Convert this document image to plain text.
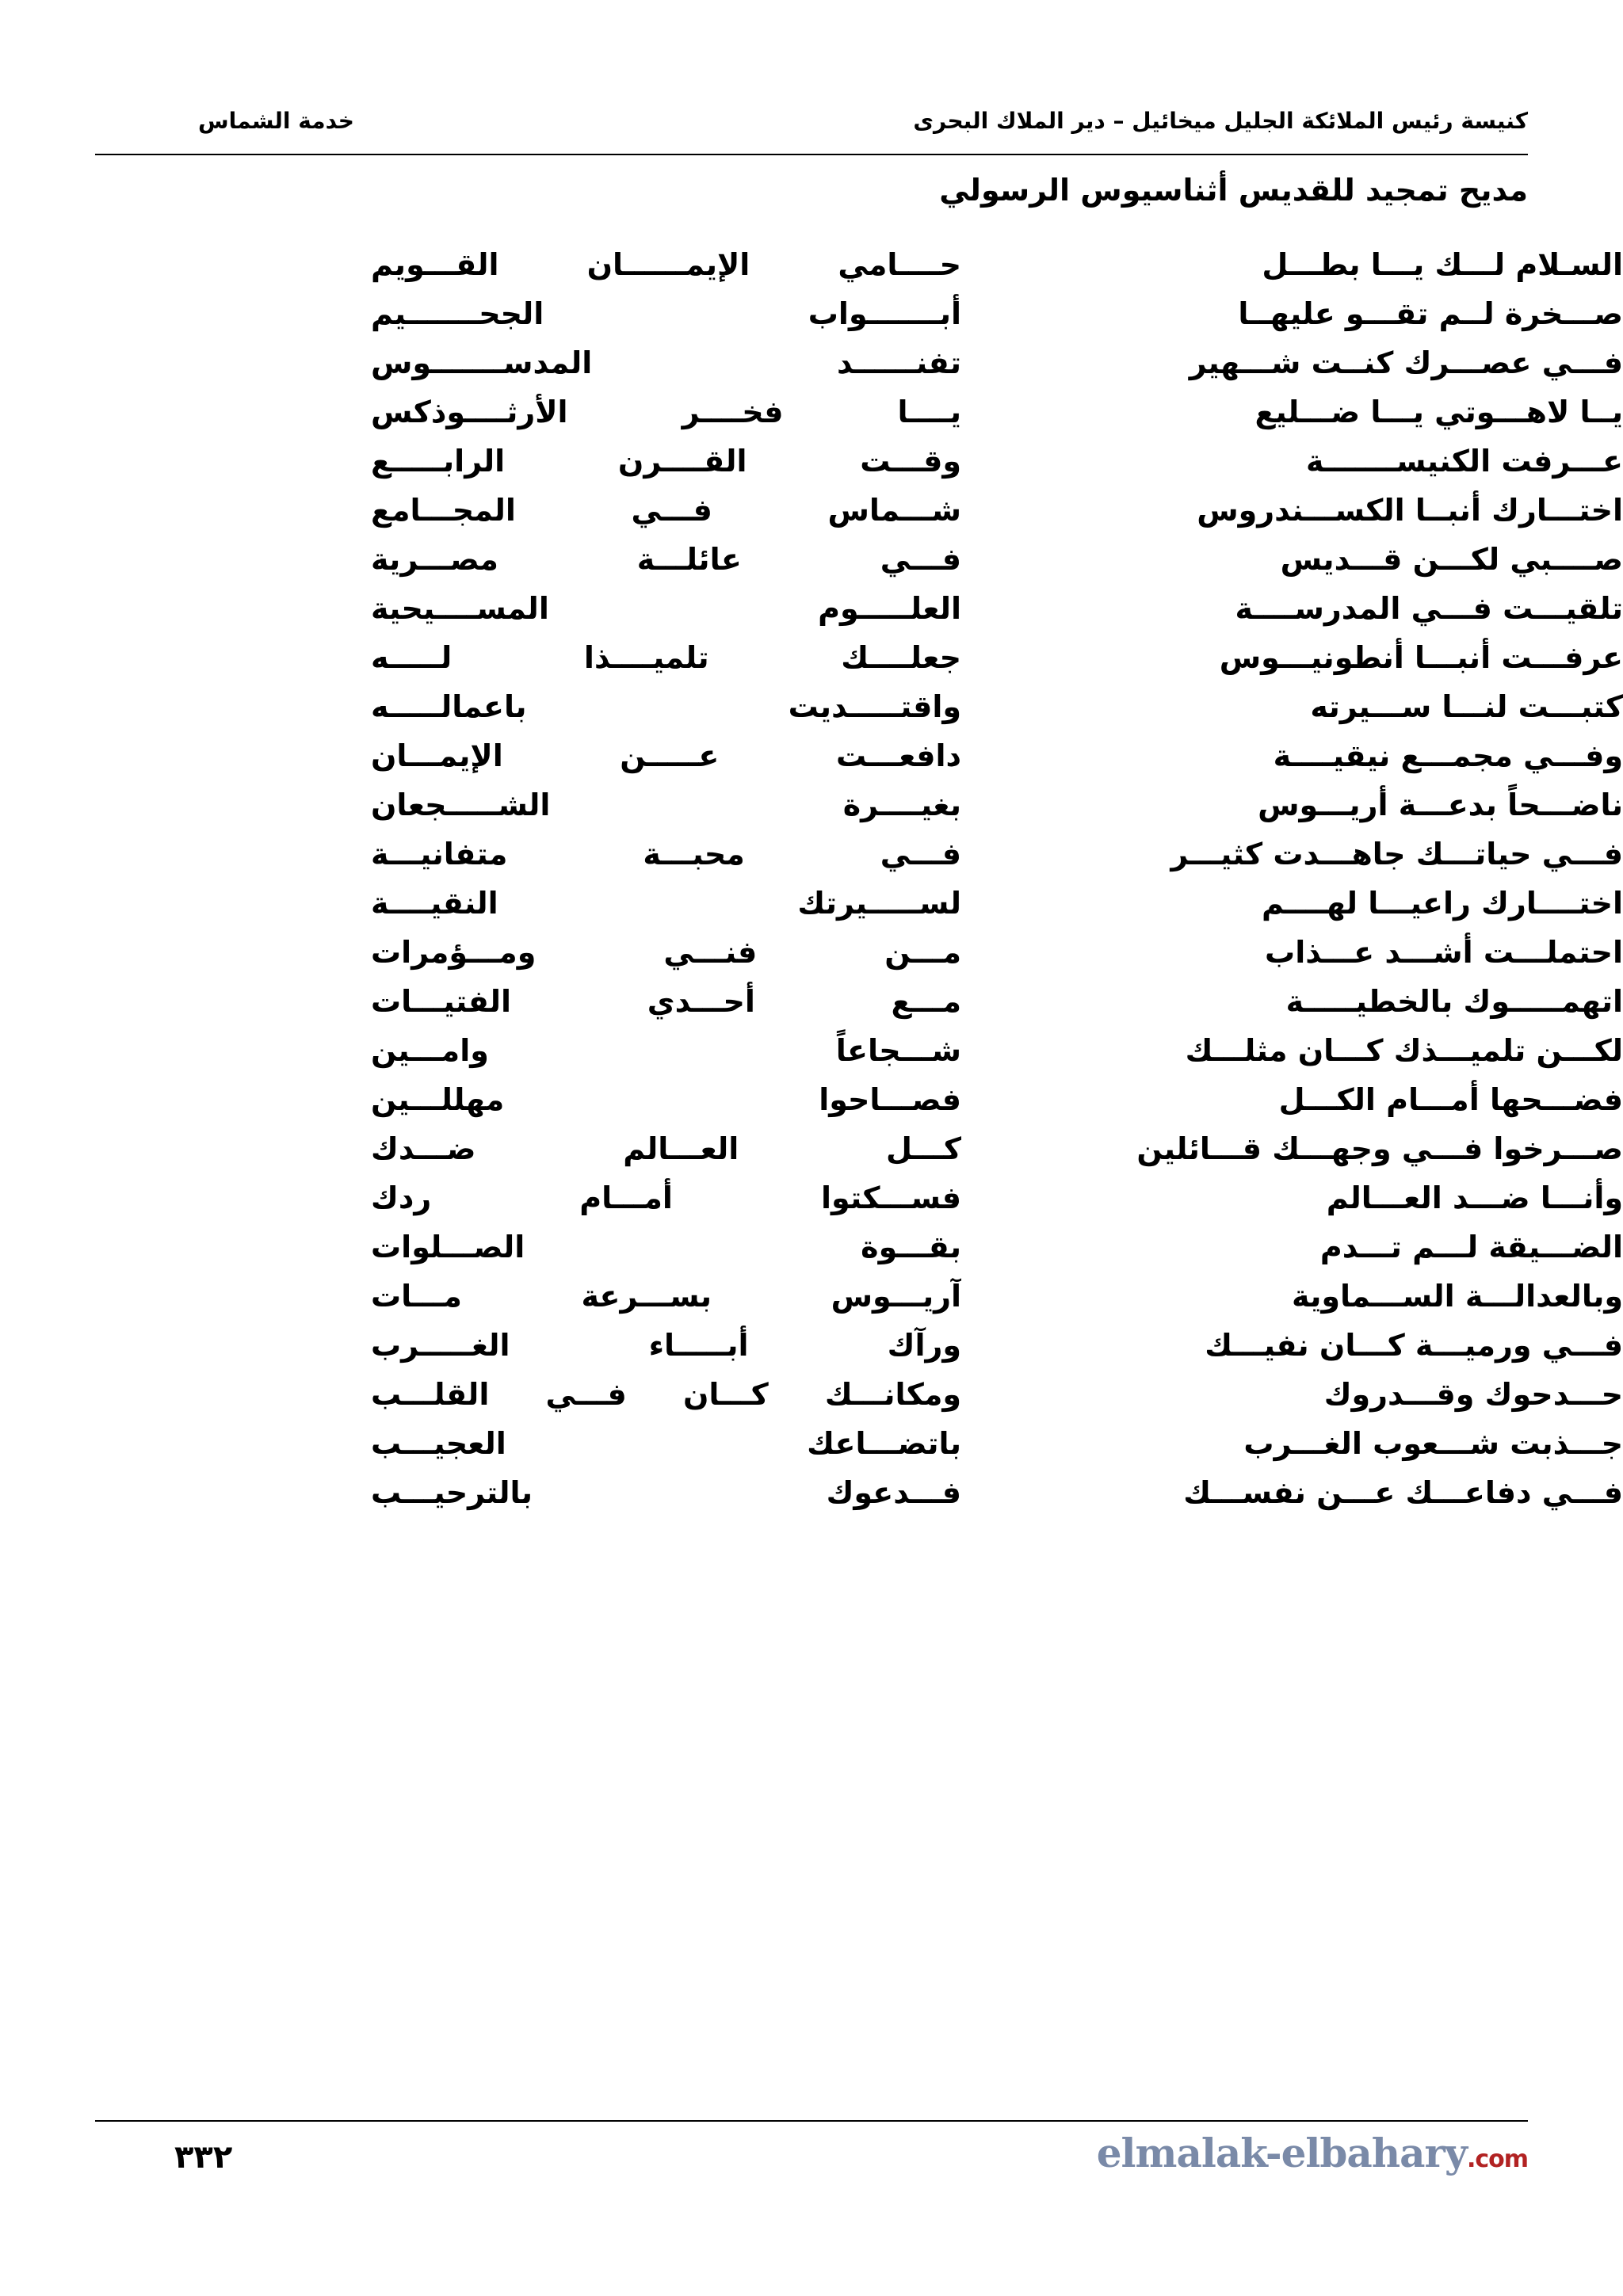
كنيسة رئيس الملائكة الجليل ميخائيل – دير الملاك البحرى
خدمة الشماس
مديح تمجيد للقديس أثناسيوس الرسولي
السـلام لـــك يـــا بطـــل
حــــامي الإيمــــــان القـــويم
صـــخرة لــم تقـــو عليهــا
أبـــــــواب الجحـــــــيم
فـــي عصـــرك كنــت شـــهير
تفنــــــد المدســـــــوس
يــا لاهـــوتي يـــا ضـــليع
يــــا فخــــر الأرثــــوذكس
عـــرفت الكنيســـــــة
وقـــت القــــرن الرابـــــع
اختـــارك أنبــا الكســـندروس
شـــماس فـــي المجـــامع
صــــبي لكـــن قـــديس
فـــي عائلـــة مصـــرية
تلقيـــت فـــي المدرســــة
العلـــــوم المســــيحية
عرفـــت أنبـــا أنطونيـــوس
جعلــــك تلميــــذا لـــــه
كتبـــت لنـــا ســـيرته
واقتـــــديت باعمالـــــه
وفـــي مجمـــع نيقيــــة
دافعـــت عـــــن الإيمـــان
ناضـــحاً بدعـــة أريـــوس
بغيــــرة الشـــــجعان
فـــي حياتـــك جاهـــدت كثيـــر
فـــي محبـــة متفانيـــة
اختــــارك راعيـــا لهــــم
لســـــيرتك النقيــــة
احتملـــت أشـــد عـــذاب
مـــن فنـــي ومـــؤمرات
اتهمـــــوك بالخطيـــــة
مـــع أحـــدي الفتيـــات
لكـــن تلميـــذك كـــان مثلـــك
شـــجاعاً وامـــين
فضـــحها أمـــام الكـــل
فصـــاحوا مهللـــين
صـــرخوا فـــي وجهـــك قـــائلين
كـــل العـــالم ضـــدك
وأنـــا ضـــد العـــالم
فســـكتوا أمـــام ردك
الضـــيقة لـــم تـــدم
بقـــوة الصـــلوات
وبالعدالـــة الســـماوية
آريـــوس بســـرعة مـــات
فـــي ورميـــة كـــان نفيـــك
ورآك أبـــــاء الغـــــرب
حـــدحوك وقـــدروك
ومكانـــك كـــان فـــي القلـــب
جـــذبت شـــعوب الغـــرب
باتضـــاعك العجيـــب
فـــي دفاعـــك عـــن نفســـك
فـــدعوك بالترحيـــب
٣٣٢	elmalak-elbahary.com
